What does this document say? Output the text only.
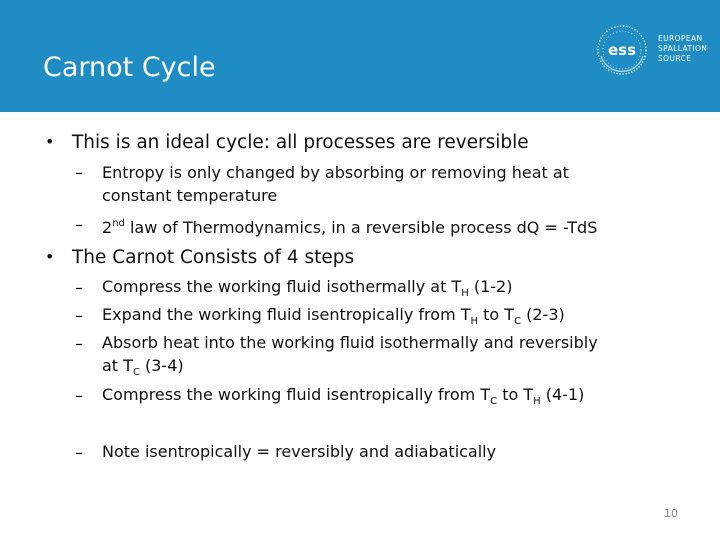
Carnot Cycle
ess
EUROPEAN
SPALLATION
SOURCE
• This is an ideal cycle: all processes are reversible
– Entropy is only changed by absorbing or removing heat at
constant temperature
– 2nd law of Thermodynamics, in a reversible process dQ = -TdS
• The Carnot Consists of 4 steps
– Compress the working fluid isothermally at $T_H$ (1-2)
– Expand the working fluid isentropically from $T_H$ to $T_C$ (2-3)
– Absorb heat into the working fluid isothermally and reversibly
at $T_C$ (3-4)
– Compress the working fluid isentropically from $T_C$ to $T_H$ (4-1)
– Note isentropically = reversibly and adiabatically
10
